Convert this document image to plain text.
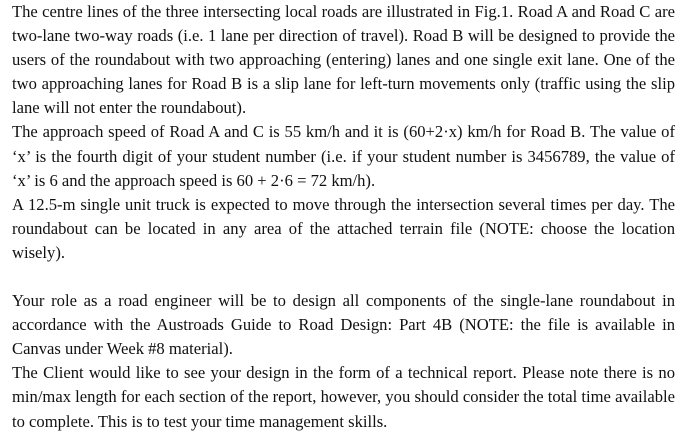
The centre lines of the three intersecting local roads are illustrated in Fig.1. Road A and Road C are two-lane two-way roads (i.e. 1 lane per direction of travel). Road B will be designed to provide the users of the roundabout with two approaching (entering) lanes and one single exit lane. One of the two approaching lanes for Road B is a slip lane for left-turn movements only (traffic using the slip lane will not enter the roundabout).

The approach speed of Road A and C is 55 km/h and it is (60+2·x) km/h for Road B. The value of ‘x’ is the fourth digit of your student number (i.e. if your student number is 3456789, the value of ‘x’ is 6 and the approach speed is 60 + 2·6 = 72 km/h).

A 12.5-m single unit truck is expected to move through the intersection several times per day. The roundabout can be located in any area of the attached terrain file (NOTE: choose the location wisely).

Your role as a road engineer will be to design all components of the single-lane roundabout in accordance with the Austroads Guide to Road Design: Part 4B (NOTE: the file is available in Canvas under Week #8 material).

The Client would like to see your design in the form of a technical report. Please note there is no min/max length for each section of the report, however, you should consider the total time available to complete. This is to test your time management skills.
